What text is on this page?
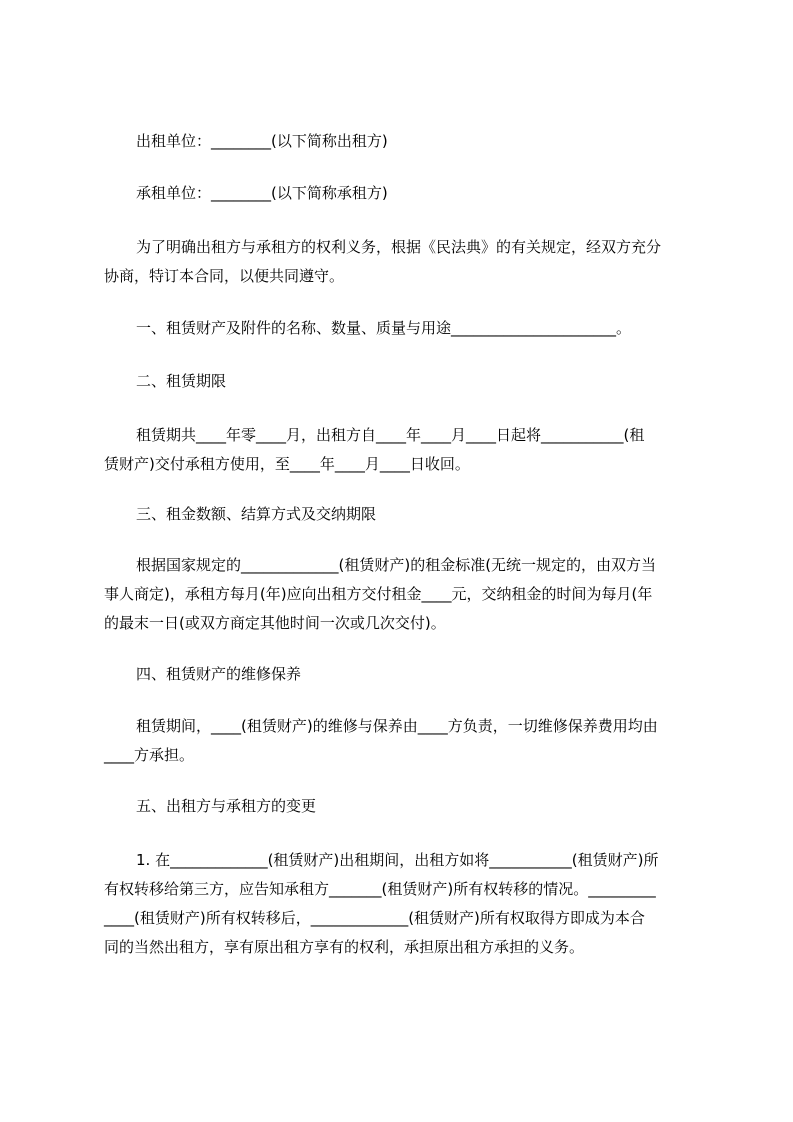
出租单位：________(以下简称出租方)
承租单位：________(以下简称承租方)
为了明确出租方与承租方的权利义务，根据《民法典》的有关规定，经双方充分
协商，特订本合同，以便共同遵守。
一、租赁财产及附件的名称、数量、质量与用途______________________。
二、租赁期限
租赁期共____年零____月，出租方自____年____月____日起将___________(租
赁财产)交付承租方使用，至____年____月____日收回。
三、租金数额、结算方式及交纳期限
根据国家规定的_____________(租赁财产)的租金标准(无统一规定的，由双方当
事人商定)，承租方每月(年)应向出租方交付租金____元，交纳租金的时间为每月(年
的最末一日(或双方商定其他时间一次或几次交付)。
四、租赁财产的维修保养
租赁期间，____(租赁财产)的维修与保养由____方负责，一切维修保养费用均由
____方承担。
五、出租方与承租方的变更
1. 在_____________(租赁财产)出租期间，出租方如将___________(租赁财产)所
有权转移给第三方，应告知承租方_______(租赁财产)所有权转移的情况。_________
____(租赁财产)所有权转移后，_____________(租赁财产)所有权取得方即成为本合
同的当然出租方，享有原出租方享有的权利，承担原出租方承担的义务。
